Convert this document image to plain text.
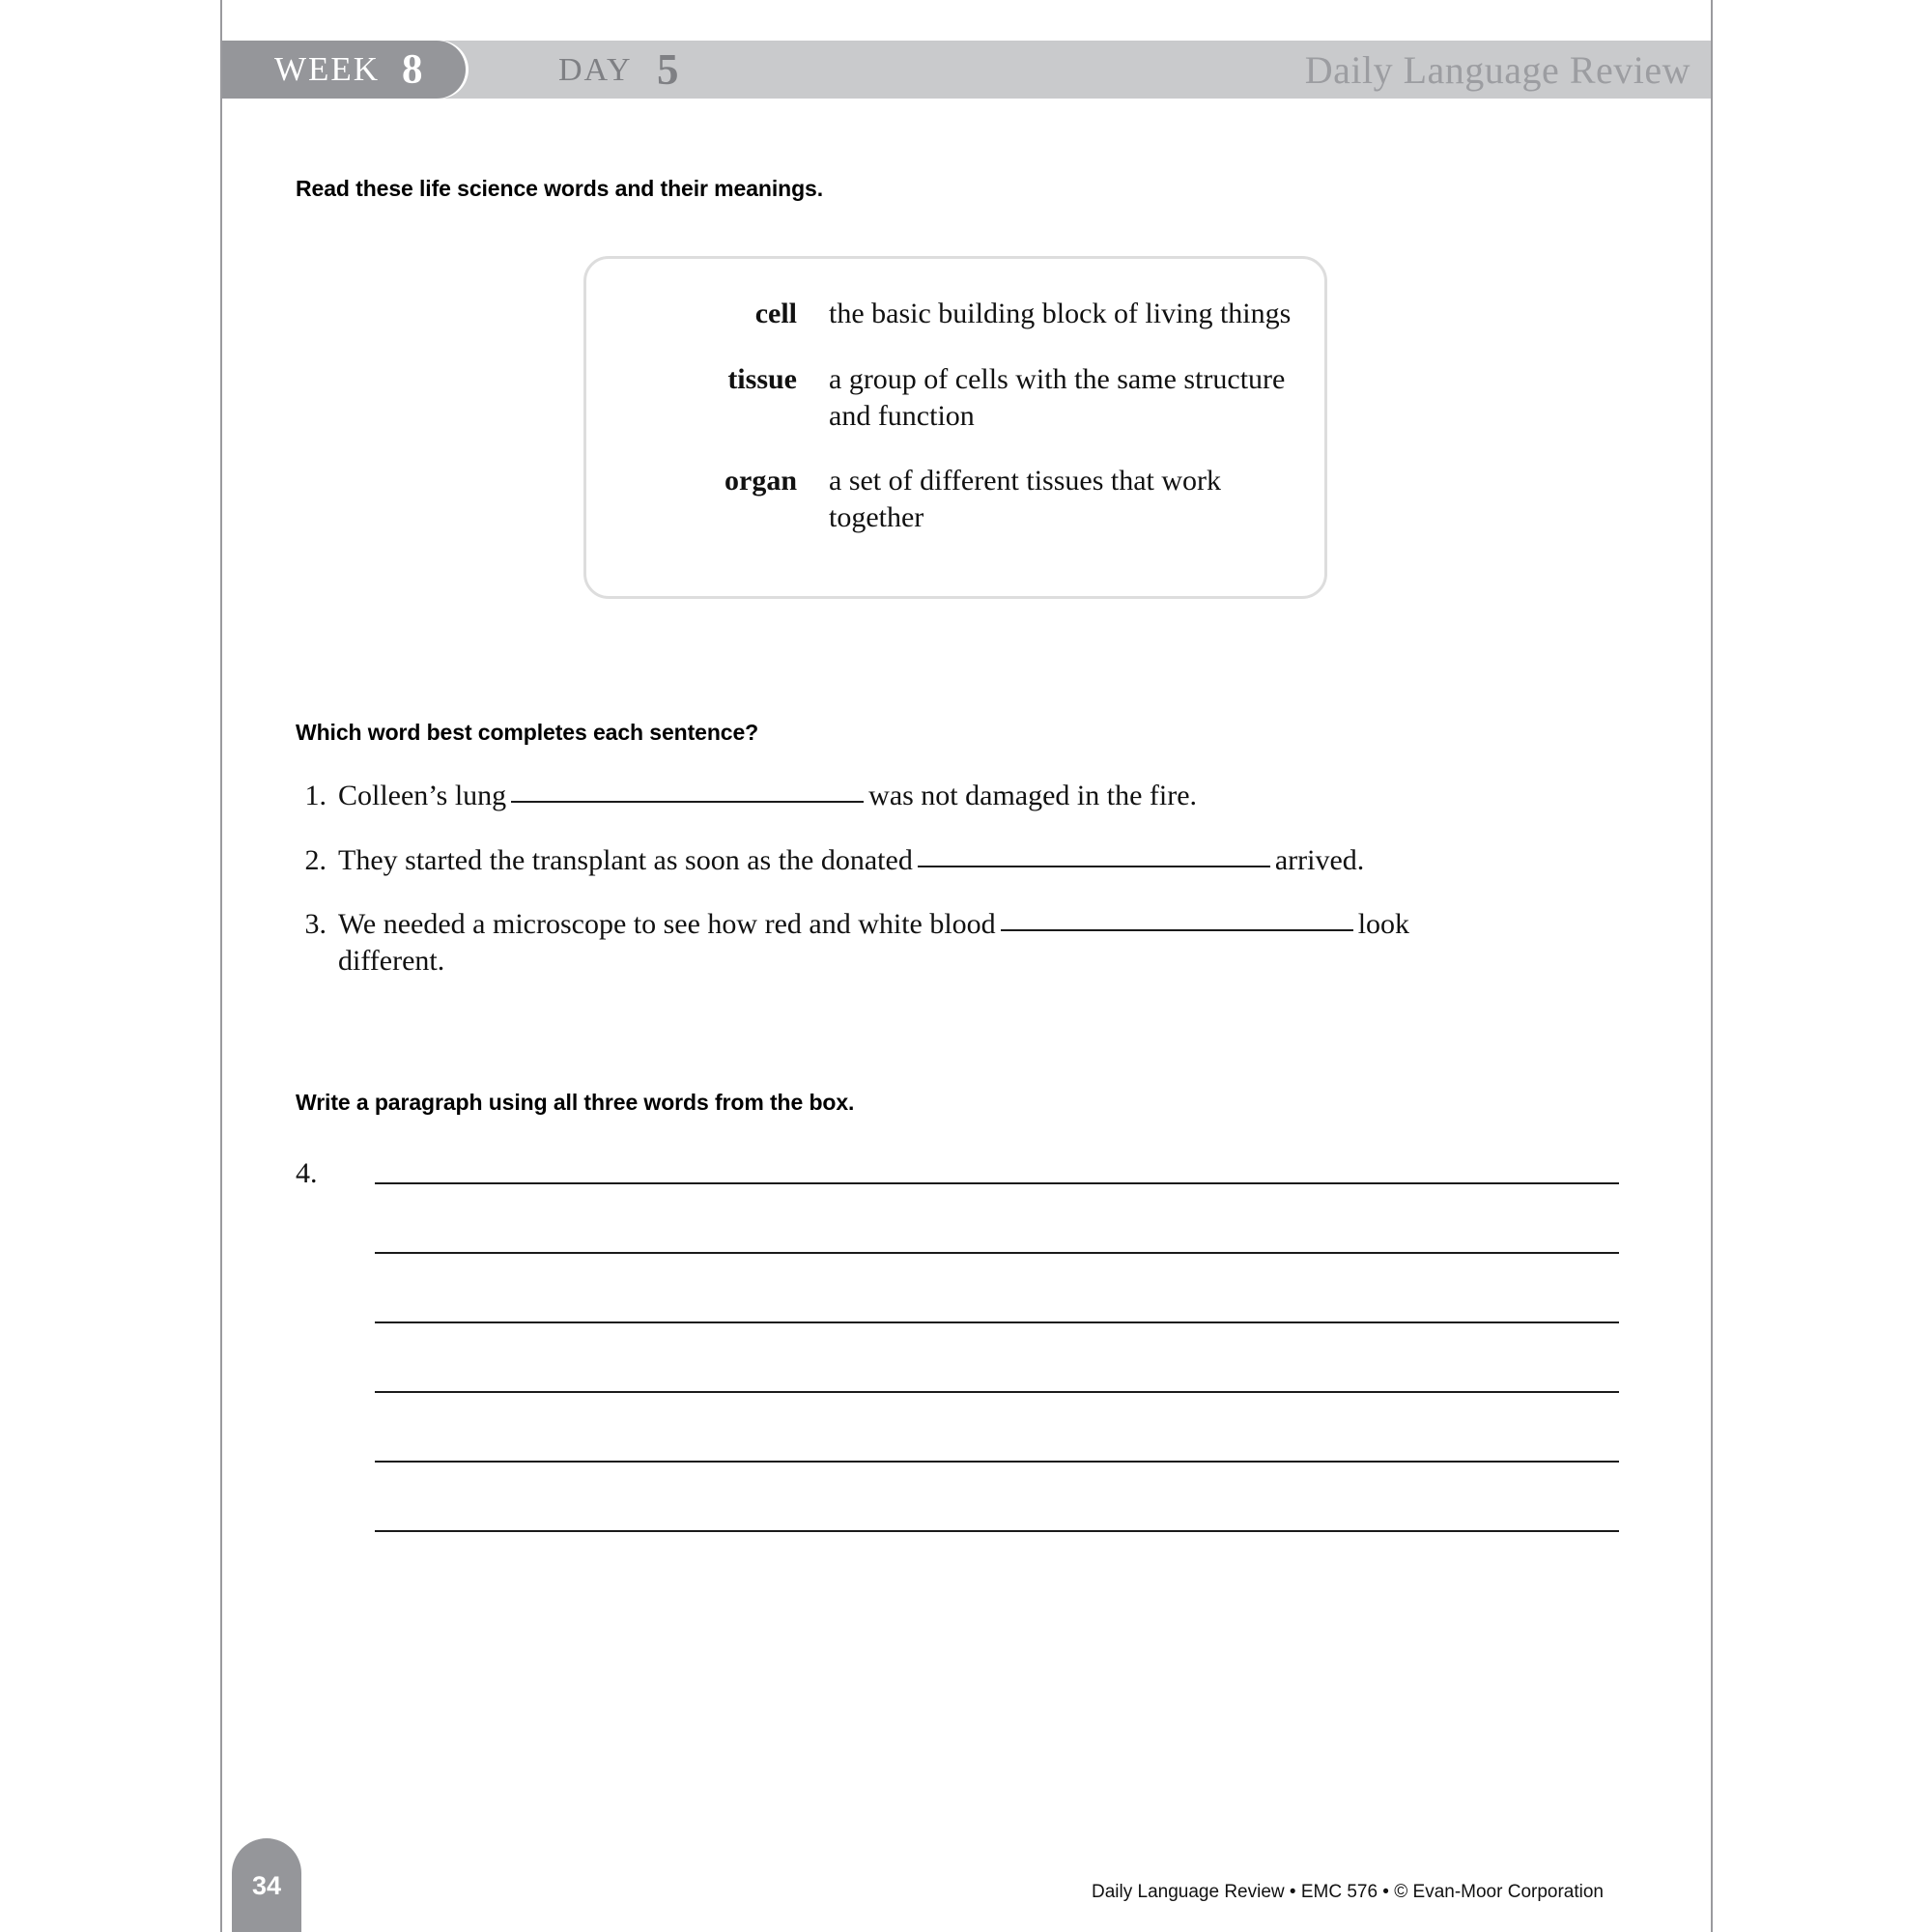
WEEK 8	DAY 5	Daily Language Review
Read these life science words and their meanings.
cell	the basic building block of living things
tissue	a group of cells with the same structure and function
organ	a set of different tissues that work together
Which word best completes each sentence?
1. Colleen’s lung	was not damaged in the fire.
2. They started the transplant as soon as the donated	arrived.
3. We needed a microscope to see how red and white blood	look different.
Write a paragraph using all three words from the box.
4.
34	Daily Language Review • EMC 576 • © Evan-Moor Corporation
